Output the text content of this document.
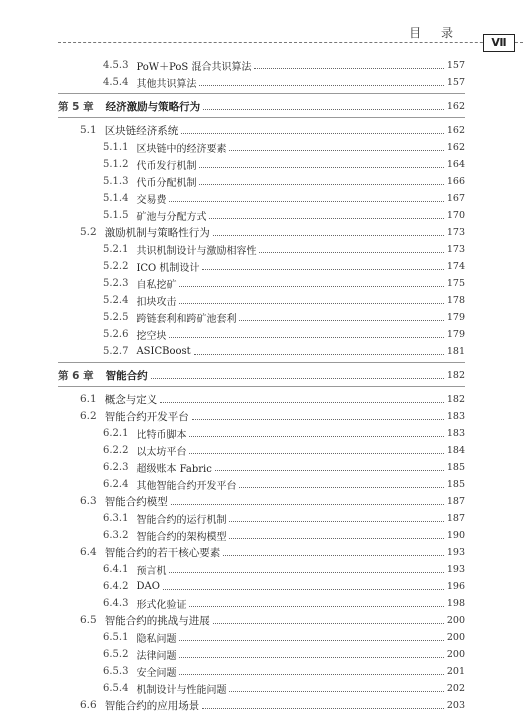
目 录
Ⅶ
4.5.3 PoW＋PoS 混合共识算法	157
4.5.4 其他共识算法	157
第 5 章 经济激励与策略行为	162
5.1 区块链经济系统	162
5.1.1 区块链中的经济要素	162
5.1.2 代币发行机制	164
5.1.3 代币分配机制	166
5.1.4 交易费	167
5.1.5 矿池与分配方式	170
5.2 激励机制与策略性行为	173
5.2.1 共识机制设计与激励相容性	173
5.2.2 ICO 机制设计	174
5.2.3 自私挖矿	175
5.2.4 扣块攻击	178
5.2.5 跨链套利和跨矿池套利	179
5.2.6 挖空块	179
5.2.7 ASICBoost	181
第 6 章 智能合约	182
6.1 概念与定义	182
6.2 智能合约开发平台	183
6.2.1 比特币脚本	183
6.2.2 以太坊平台	184
6.2.3 超级账本 Fabric	185
6.2.4 其他智能合约开发平台	185
6.3 智能合约模型	187
6.3.1 智能合约的运行机制	187
6.3.2 智能合约的架构模型	190
6.4 智能合约的若干核心要素	193
6.4.1 预言机	193
6.4.2 DAO	196
6.4.3 形式化验证	198
6.5 智能合约的挑战与进展	200
6.5.1 隐私问题	200
6.5.2 法律问题	200
6.5.3 安全问题	201
6.5.4 机制设计与性能问题	202
6.6 智能合约的应用场景	203
